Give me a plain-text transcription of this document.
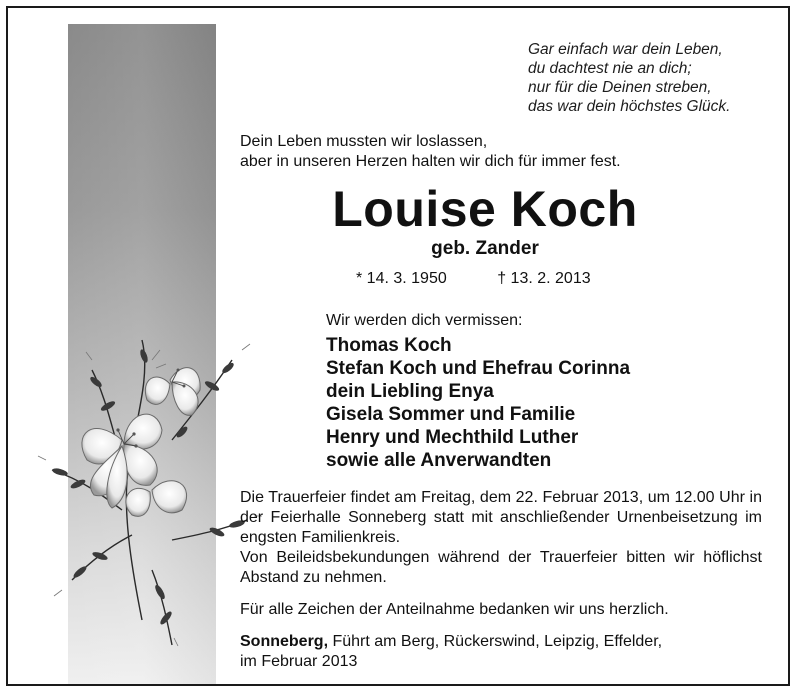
Gar einfach war dein Leben,
du dachtest nie an dich;
nur für die Deinen streben,
das war dein höchstes Glück.
Dein Leben mussten wir loslassen,
aber in unseren Herzen halten wir dich für immer fest.
Louise Koch
geb. Zander
* 14. 3. 1950	† 13. 2. 2013
Wir werden dich vermissen:
Thomas Koch
Stefan Koch und Ehefrau Corinna
dein Liebling Enya
Gisela Sommer und Familie
Henry und Mechthild Luther
sowie alle Anverwandten

Die Trauerfeier findet am Freitag, dem 22. Februar 2013, um 12.00 Uhr in der Feierhalle Sonneberg statt mit anschließender Urnenbeisetzung im engsten Familienkreis.

Von Beileidsbekundungen während der Trauerfeier bitten wir höflichst Abstand zu nehmen.

Für alle Zeichen der Anteilnahme bedanken wir uns herzlich.

Sonneberg, Führt am Berg, Rückerswind, Leipzig, Effelder,

im Februar 2013
